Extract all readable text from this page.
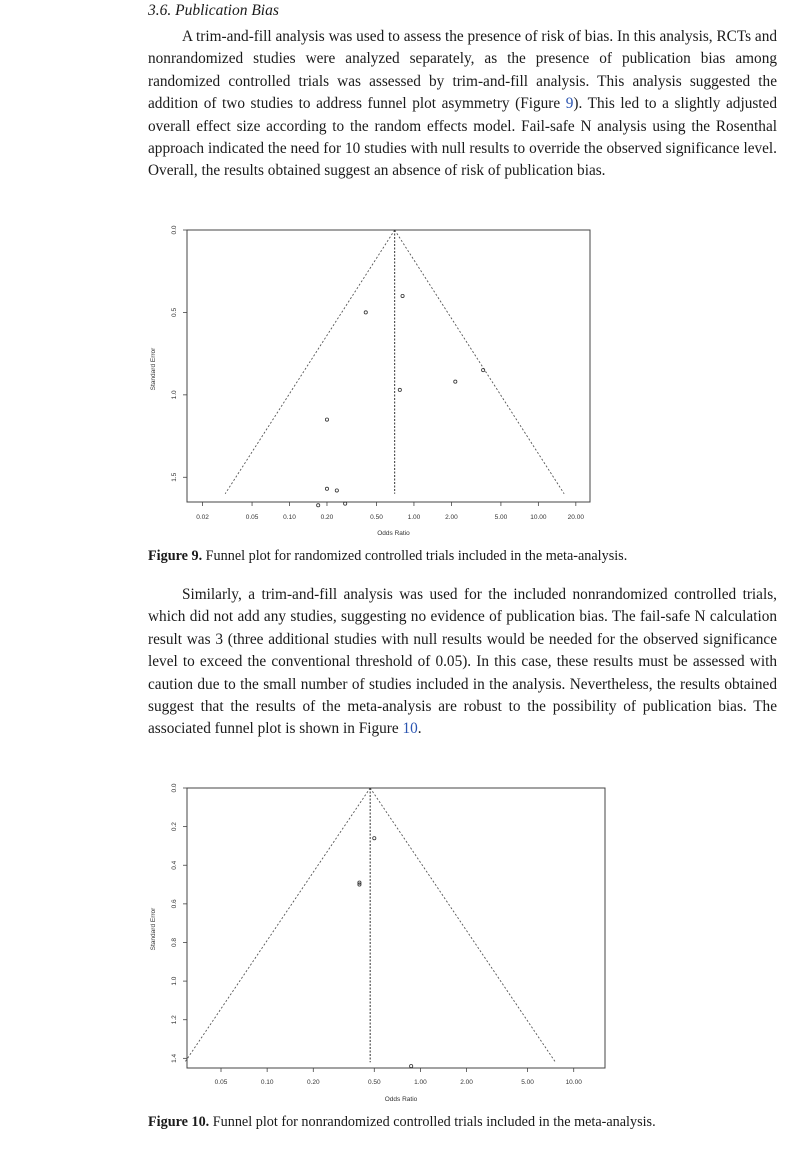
3.6. Publication Bias

A trim-and-fill analysis was used to assess the presence of risk of bias. In this analysis, RCTs and nonrandomized studies were analyzed separately, as the presence of publication bias among randomized controlled trials was assessed by trim-and-fill analysis. This analysis suggested the addition of two studies to address funnel plot asymmetry (Figure 9). This led to a slightly adjusted overall effect size according to the random effects model. Fail-safe N analysis using the Rosenthal approach indicated the need for 10 studies with null results to override the observed significance level. Overall, the results obtained suggest an absence of risk of publication bias.

0.02	0.05	0.10	0.20	0.50	1.00	2.00	5.00	10.00	20.00
Odds Ratio
0.0
0.5
1.0
1.5
Standard Error
Figure 9. Funnel plot for randomized controlled trials included in the meta-analysis.

Similarly, a trim-and-fill analysis was used for the included nonrandomized controlled trials, which did not add any studies, suggesting no evidence of publication bias. The fail-safe N calculation result was 3 (three additional studies with null results would be needed for the observed significance level to exceed the conventional threshold of 0.05). In this case, these results must be assessed with caution due to the small number of studies included in the analysis. Nevertheless, the results obtained suggest that the results of the meta-analysis are robust to the possibility of publication bias. The associated funnel plot is shown in Figure 10.

0.05	0.10	0.20	0.50	1.00	2.00	5.00	10.00
Odds Ratio
0.0
0.2
0.4
0.6
0.8
1.0
1.2
1.4
Standard Error
Figure 10. Funnel plot for nonrandomized controlled trials included in the meta-analysis.
